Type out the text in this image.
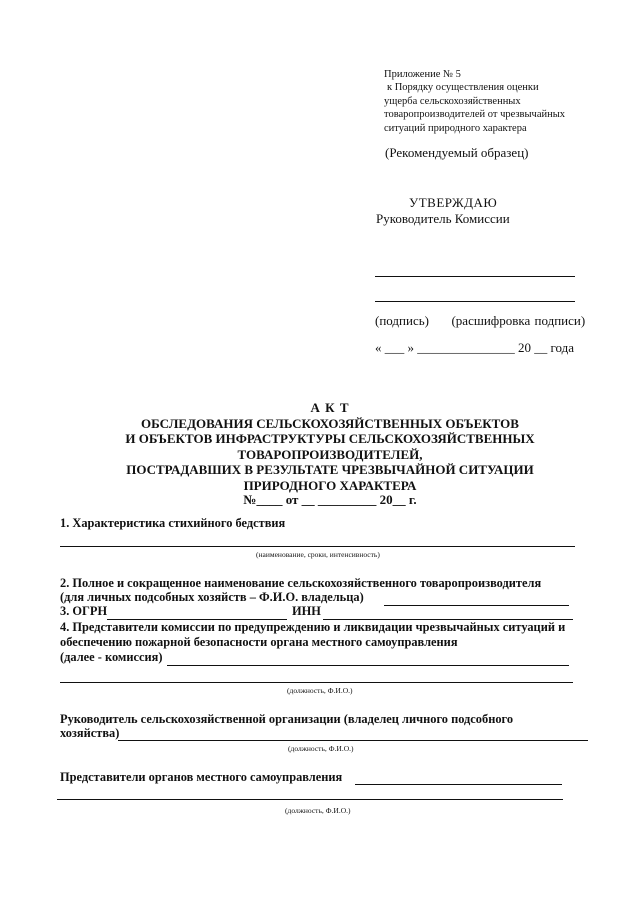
Приложение № 5
к Порядку осуществления оценки
ущерба сельскохозяйственных
товаропроизводителей от чрезвычайных
ситуаций природного характера
(Рекомендуемый образец)
УТВЕРЖДАЮ
Руководитель Комиссии
(подпись) (расшифровка подписи)
« ___ » _______________ 20 __ года
А К Т
ОБСЛЕДОВАНИЯ СЕЛЬСКОХОЗЯЙСТВЕННЫХ ОБЪЕКТОВ
И ОБЪЕКТОВ ИНФРАСТРУКТУРЫ СЕЛЬСКОХОЗЯЙСТВЕННЫХ
ТОВАРОПРОИЗВОДИТЕЛЕЙ,
ПОСТРАДАВШИХ В РЕЗУЛЬТАТЕ ЧРЕЗВЫЧАЙНОЙ СИТУАЦИИ
ПРИРОДНОГО ХАРАКТЕРА
№____ от __ _________ 20__ г.
1. Характеристика стихийного бедствия
(наименование, сроки, интенсивность)
2. Полное и сокращенное наименование сельскохозяйственного товаропроизводителя
(для личных подсобных хозяйств – Ф.И.О. владельца)
3. ОГРН	ИНН
4. Представители комиссии по предупреждению и ликвидации чрезвычайных ситуаций и
обеспечению пожарной безопасности органа местного самоуправления
(далее - комиссия)
(должность, Ф.И.О.)
Руководитель сельскохозяйственной организации (владелец личного подсобного
хозяйства)
(должность, Ф.И.О.)
Представители органов местного самоуправления
(должность, Ф.И.О.)
